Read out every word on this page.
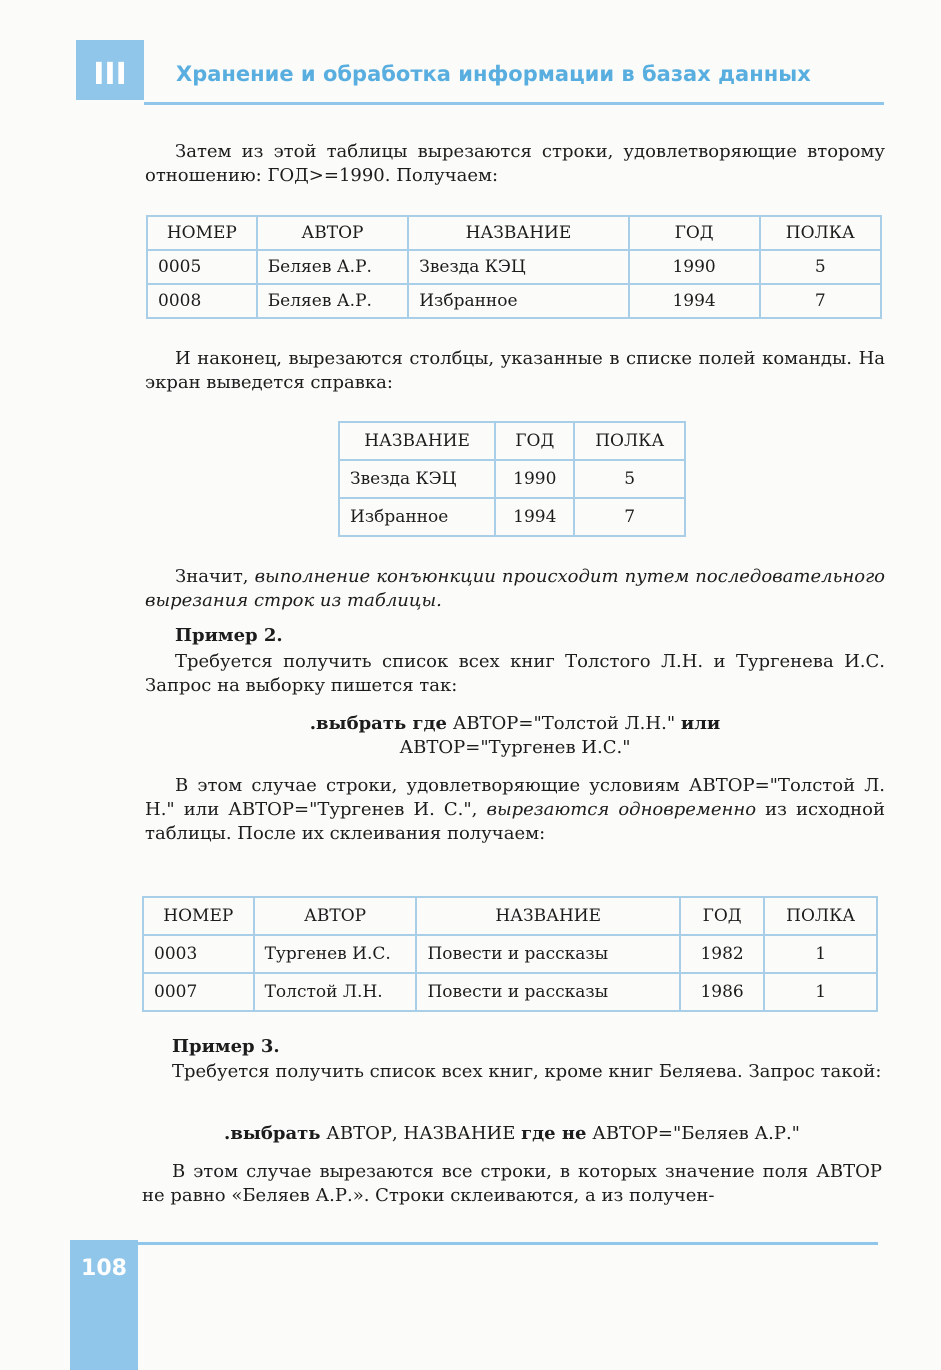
III	Хранение и обработка информации в базах данных
Затем из этой таблицы вырезаются строки, удовлетворяющие второму отношению: ГОД>=1990. Получаем:
НОМЕР	АВТОР	НАЗВАНИЕ	ГОД	ПОЛКА
0005	Беляев А.Р.	Звезда КЭЦ	1990	5
0008	Беляев А.Р.	Избранное	1994	7
И наконец, вырезаются столбцы, указанные в списке полей команды. На экран выведется справка:
НАЗВАНИЕ	ГОД	ПОЛКА
Звезда КЭЦ	1990	5
Избранное	1994	7
Значит, выполнение конъюнкции происходит путем последовательного вырезания строк из таблицы.
Пример 2.
Требуется получить список всех книг Толстого Л.Н. и Тургенева И.С. Запрос на выборку пишется так:
.выбрать где АВТОР="Толстой Л.Н." или
АВТОР="Тургенев И.С."
В этом случае строки, удовлетворяющие условиям АВТОР="Толстой Л. Н." или АВТОР="Тургенев И. С.", вырезаются одновременно из исходной таблицы. После их склеивания получаем:
НОМЕР	АВТОР	НАЗВАНИЕ	ГОД	ПОЛКА
0003	Тургенев И.С.	Повести и рассказы	1982	1
0007	Толстой Л.Н.	Повести и рассказы	1986	1
Пример 3.
Требуется получить список всех книг, кроме книг Беляева. Запрос такой:
.выбрать АВТОР, НАЗВАНИЕ где не АВТОР="Беляев А.Р."
В этом случае вырезаются все строки, в которых значение поля АВТОР не равно «Беляев А.Р.». Строки склеиваются, а из получен-
108
